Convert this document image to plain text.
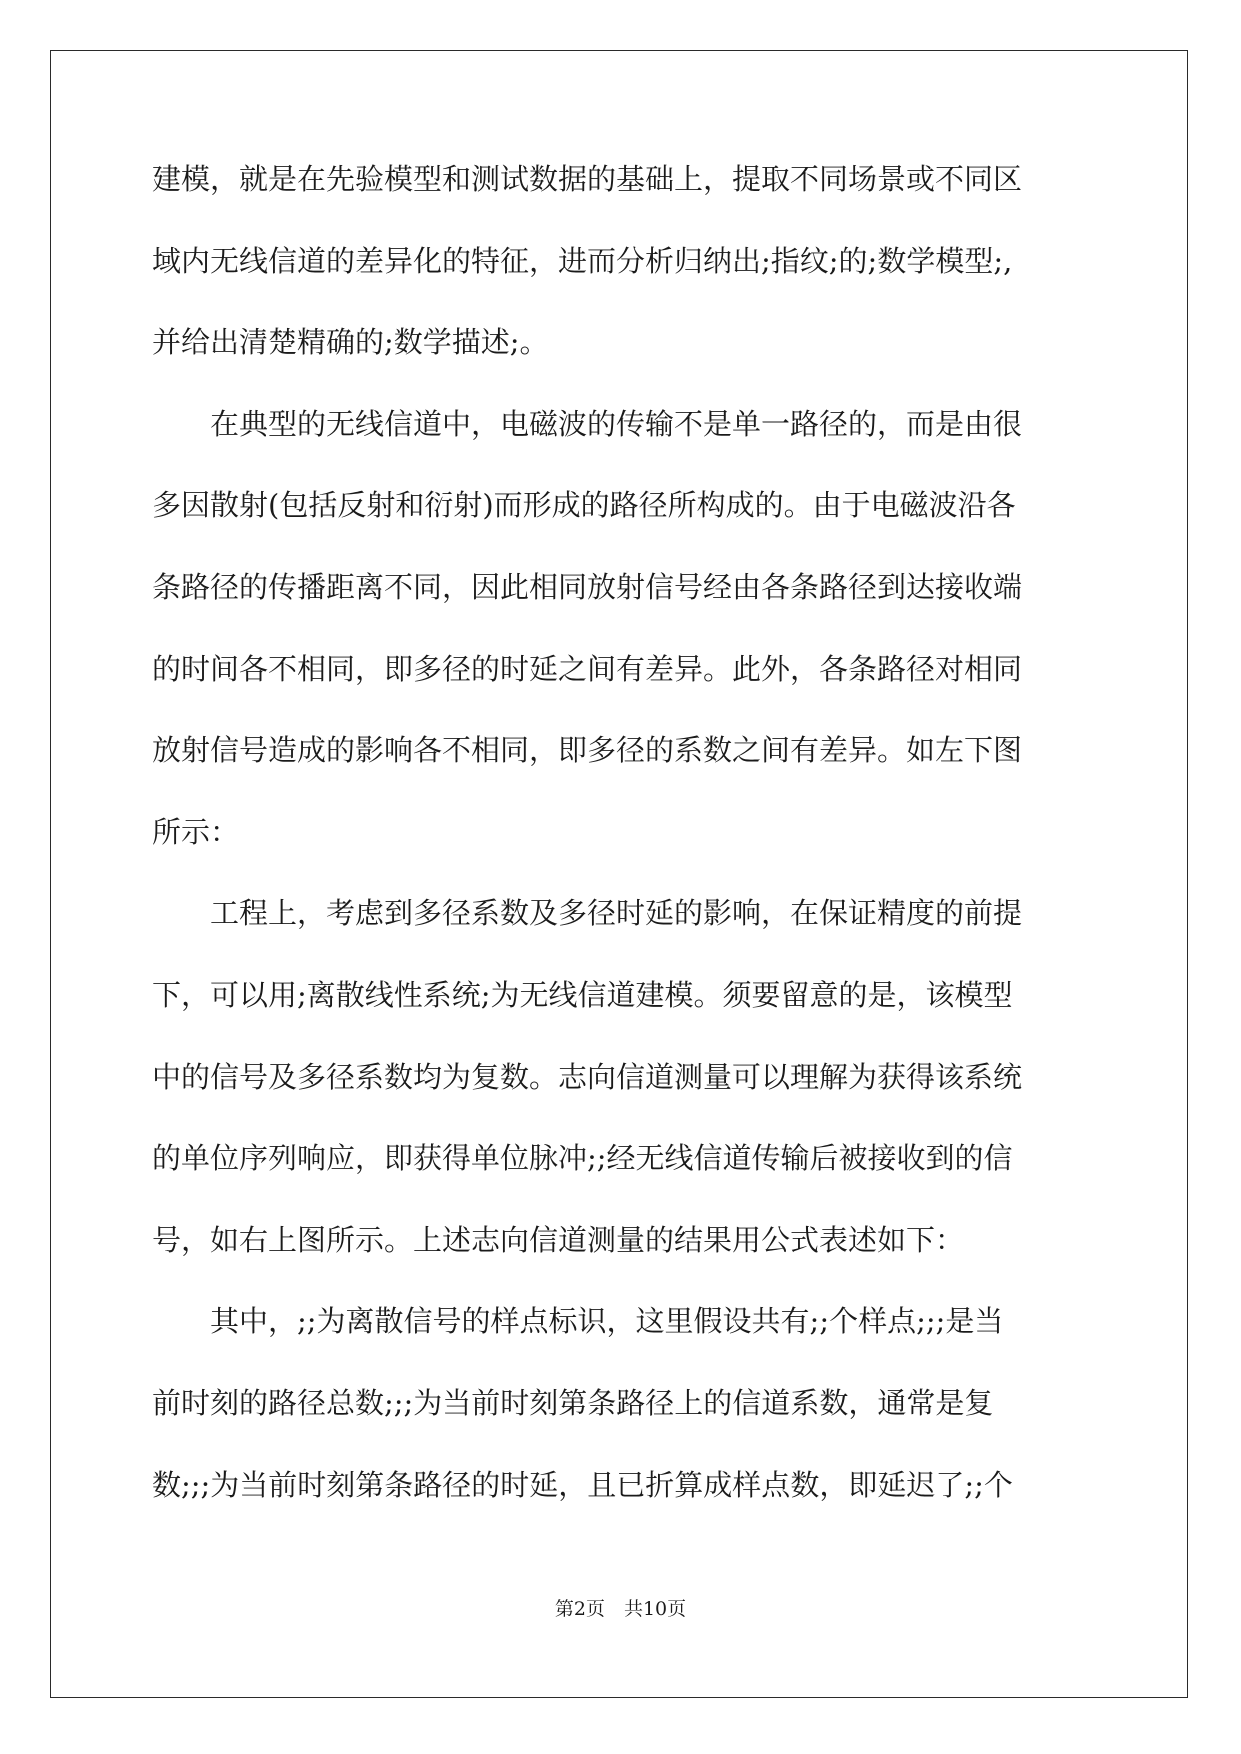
建模，就是在先验模型和测试数据的基础上，提取不同场景或不同区
域内无线信道的差异化的特征，进而分析归纳出;指纹;的;数学模型;,
并给出清楚精确的;数学描述;。
　　在典型的无线信道中，电磁波的传输不是单一路径的，而是由很
多因散射(包括反射和衍射)而形成的路径所构成的。由于电磁波沿各
条路径的传播距离不同，因此相同放射信号经由各条路径到达接收端
的时间各不相同，即多径的时延之间有差异。此外，各条路径对相同
放射信号造成的影响各不相同，即多径的系数之间有差异。如左下图
所示：
　　工程上，考虑到多径系数及多径时延的影响，在保证精度的前提
下，可以用;离散线性系统;为无线信道建模。须要留意的是，该模型
中的信号及多径系数均为复数。志向信道测量可以理解为获得该系统
的单位序列响应，即获得单位脉冲;;经无线信道传输后被接收到的信
号，如右上图所示。上述志向信道测量的结果用公式表述如下：
　　其中，;;为离散信号的样点标识，这里假设共有;;个样点;;;是当
前时刻的路径总数;;;为当前时刻第条路径上的信道系数，通常是复
数;;;为当前时刻第条路径的时延，且已折算成样点数，即延迟了;;个
第2页　共10页
